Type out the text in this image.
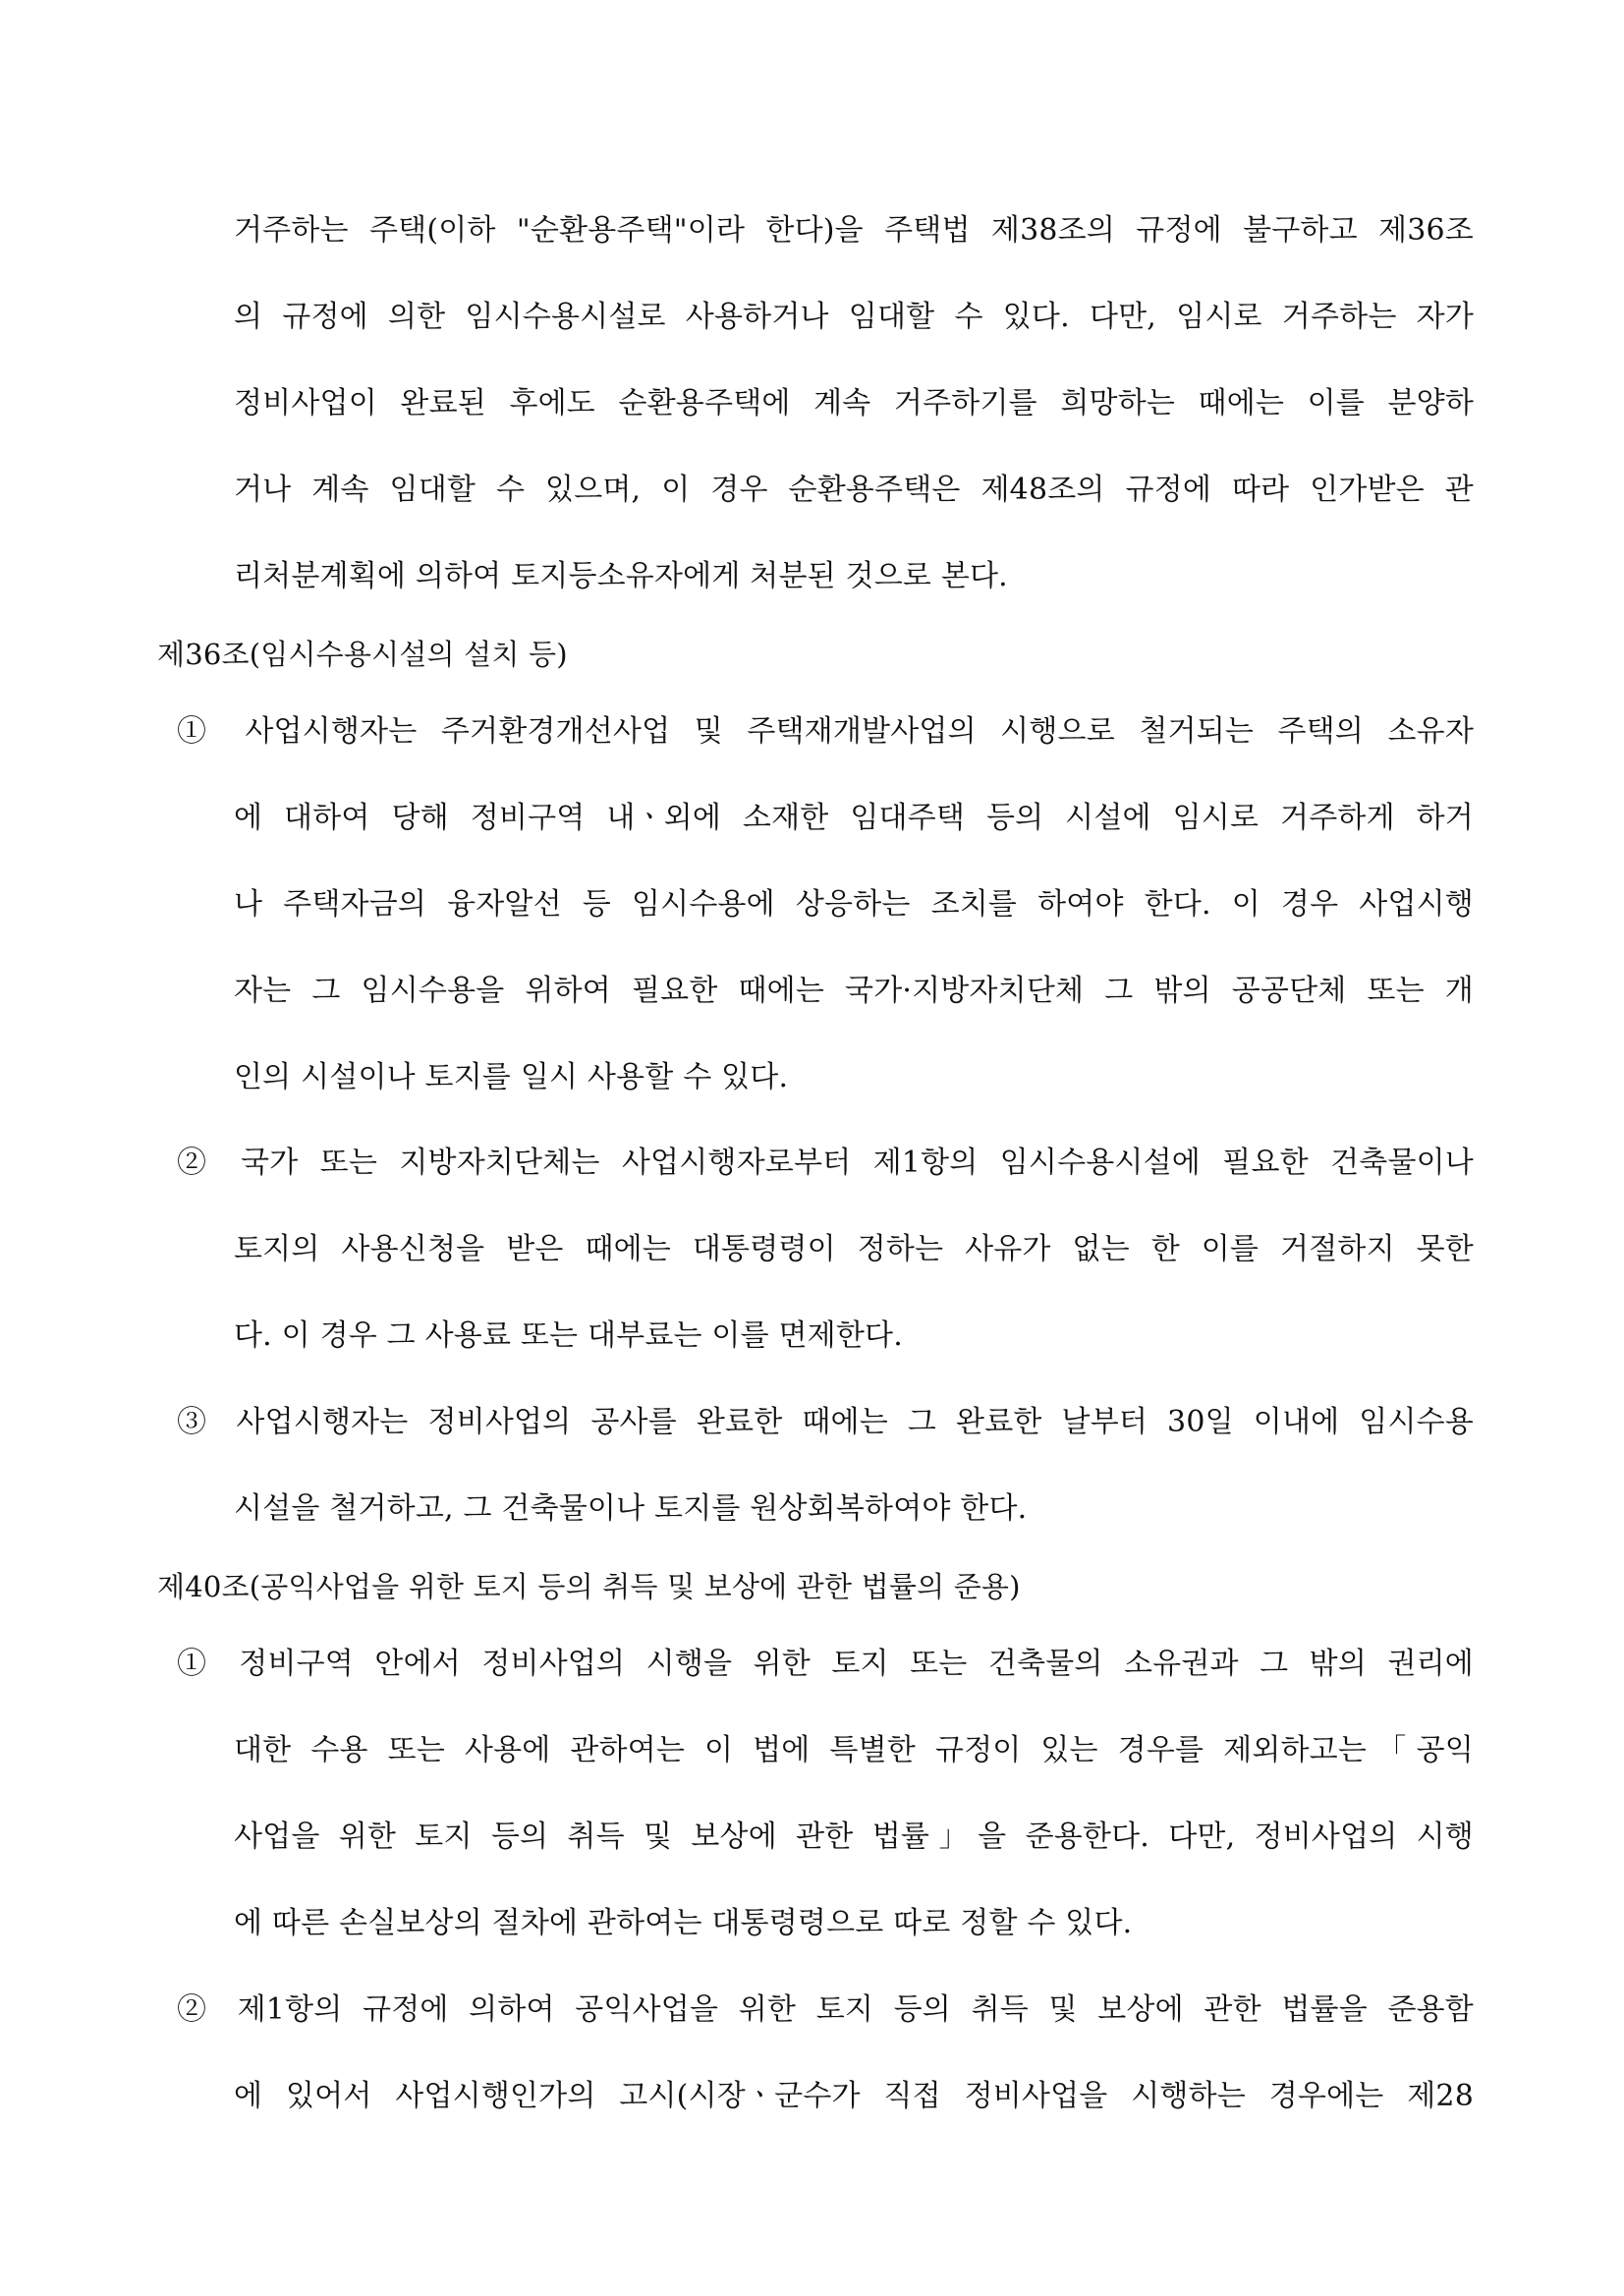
거주하는 주택(이하 "순환용주택"이라 한다)을 주택법 제38조의 규정에 불구하고 제36조
의 규정에 의한 임시수용시설로 사용하거나 임대할 수 있다. 다만, 임시로 거주하는 자가
정비사업이 완료된 후에도 순환용주택에 계속 거주하기를 희망하는 때에는 이를 분양하
거나 계속 임대할 수 있으며, 이 경우 순환용주택은 제48조의 규정에 따라 인가받은 관
리처분계획에 의하여 토지등소유자에게 처분된 것으로 본다.
제36조(임시수용시설의 설치 등)
① 사업시행자는 주거환경개선사업 및 주택재개발사업의 시행으로 철거되는 주택의 소유자
에 대하여 당해 정비구역 내ㆍ외에 소재한 임대주택 등의 시설에 임시로 거주하게 하거
나 주택자금의 융자알선 등 임시수용에 상응하는 조치를 하여야 한다. 이 경우 사업시행
자는 그 임시수용을 위하여 필요한 때에는 국가·지방자치단체 그 밖의 공공단체 또는 개
인의 시설이나 토지를 일시 사용할 수 있다.
② 국가 또는 지방자치단체는 사업시행자로부터 제1항의 임시수용시설에 필요한 건축물이나
토지의 사용신청을 받은 때에는 대통령령이 정하는 사유가 없는 한 이를 거절하지 못한
다. 이 경우 그 사용료 또는 대부료는 이를 면제한다.
③ 사업시행자는 정비사업의 공사를 완료한 때에는 그 완료한 날부터 30일 이내에 임시수용
시설을 철거하고, 그 건축물이나 토지를 원상회복하여야 한다.
제40조(공익사업을 위한 토지 등의 취득 및 보상에 관한 법률의 준용)
① 정비구역 안에서 정비사업의 시행을 위한 토지 또는 건축물의 소유권과 그 밖의 권리에
대한 수용 또는 사용에 관하여는 이 법에 특별한 규정이 있는 경우를 제외하고는「공익
사업을 위한 토지 등의 취득 및 보상에 관한 법률」을 준용한다. 다만, 정비사업의 시행
에 따른 손실보상의 절차에 관하여는 대통령령으로 따로 정할 수 있다.
② 제1항의 규정에 의하여 공익사업을 위한 토지 등의 취득 및 보상에 관한 법률을 준용함
에 있어서 사업시행인가의 고시(시장ㆍ군수가 직접 정비사업을 시행하는 경우에는 제28
